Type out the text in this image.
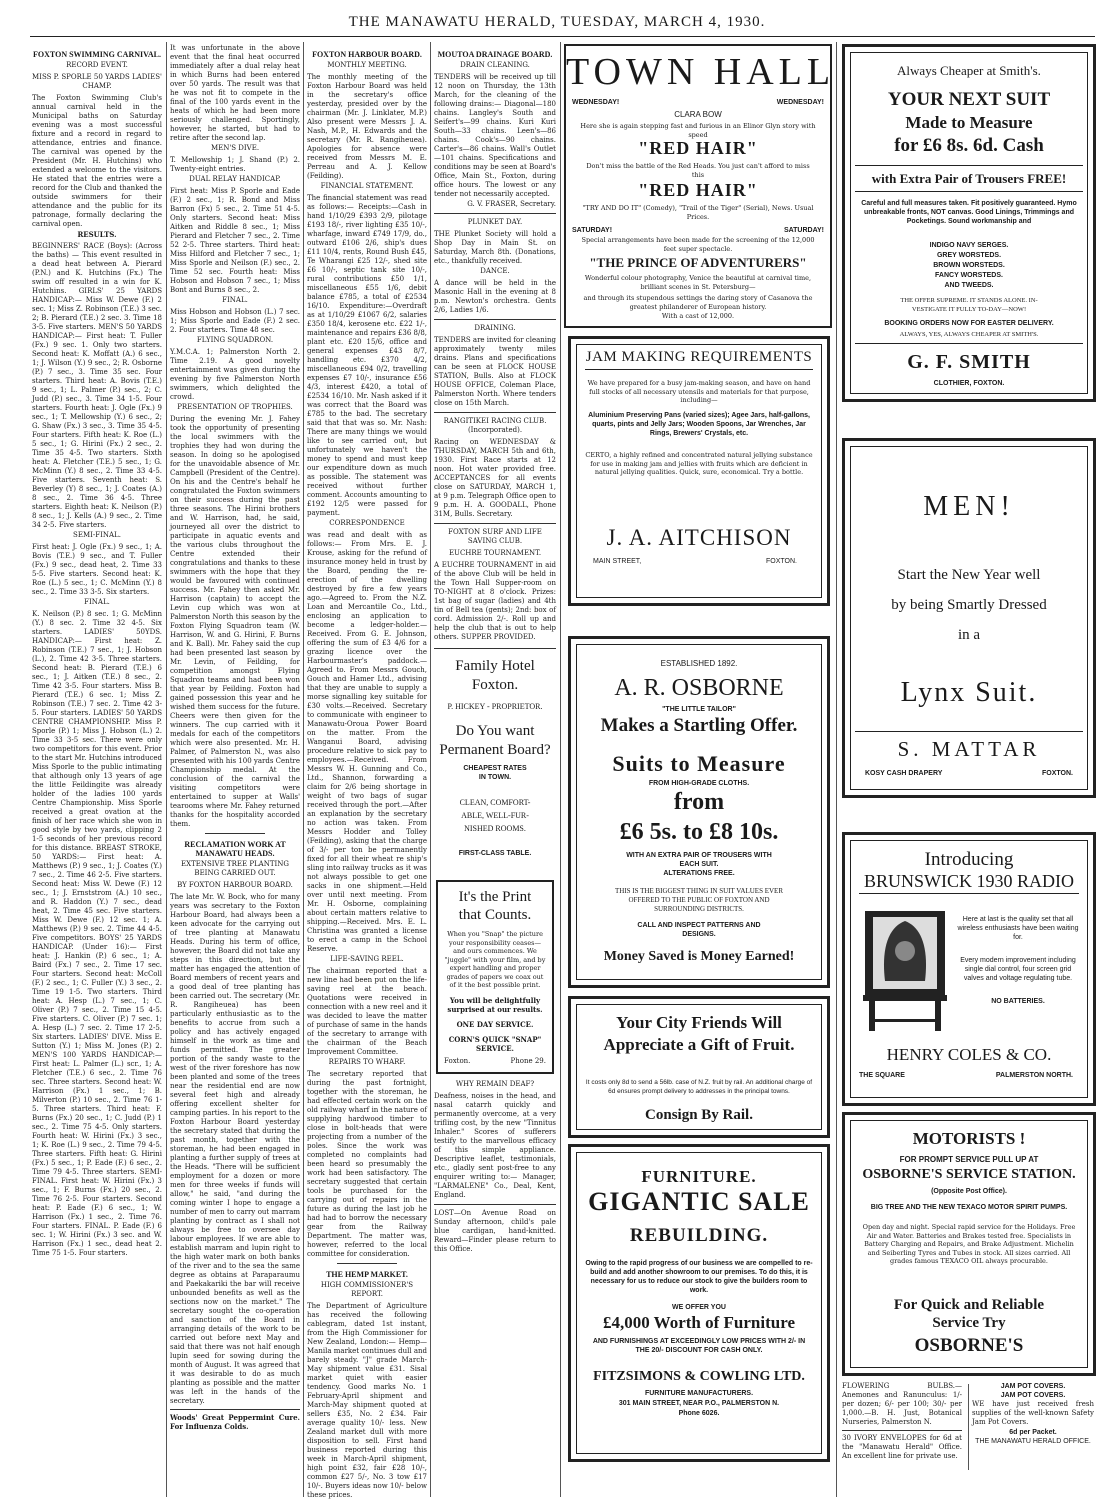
THE MANAWATU HERALD, TUESDAY, MARCH 4, 1930.
FOXTON SWIMMING CARNIVAL.
RECORD EVENT.
MISS P. SPORLE 50 YARDS LADIES' CHAMP.

The Foxton Swimming Club's annual carnival held in the Municipal baths on Saturday evening was a most successful fixture and a record in regard to attendance, entries and finance. The carnival was opened by the President (Mr. H. Hutchins) who extended a welcome to the visitors. He stated that the entries were a record for the Club and thanked the outside swimmers for their attendance and the public for its patronage, formally declaring the carnival open.

RESULTS.

BEGINNERS' RACE (Boys): (Across the baths) — This event resulted in a dead heat between A. Pierard (P.N.) and K. Hutchins (Fx.) The swim off resulted in a win for K. Hutchins. GIRLS' 25 YARDS HANDICAP:— Miss W. Dewe (F.) 2 sec. 1; Miss Z. Robinson (T.E.) 3 sec. 2; B. Pierard (T.E.) 2 sec. 3. Time 18 3-5. Five starters. MEN'S 50 YARDS HANDICAP:— First heat: T. Fuller (Fx.) 9 sec. 1. Only two starters. Second heat: K. Moffatt (A.) 6 sec., 1; J. Wilson (Y.) 9 sec., 2; R. Osborne (P.) 7 sec., 3. Time 35 sec. Four starters. Third heat: A. Bovis (T.E.) 9 sec., 1; L. Palmer (P.) sec., 2; C. Judd (P.) sec., 3. Time 34 1-5. Four starters. Fourth heat: J. Ogle (Fx.) 9 sec., 1; T. Mellowship (Y.) 6 sec., 2; G. Shaw (Fx.) 3 sec., 3. Time 35 4-5. Four starters. Fifth heat: K. Roe (L.) 5 sec., 1; G. Hirini (Fx.) 2 sec., 2. Time 35 4-5. Two starters. Sixth heat: A. Fletcher (T.E.) 5 sec., 1; G. McMinn (Y.) 8 sec., 2. Time 33 4-5. Five starters. Seventh heat: S. Beverley (Y) 8 sec., 1; J. Coates (A.) 8 sec., 2. Time 36 4-5. Three starters. Eighth heat: K. Neilson (P.) 8 sec., 1; J. Kells (A.) 9 sec., 2. Time 34 2-5. Five starters.

SEMI-FINAL.

First heat: J. Ogle (Fx.) 9 sec., 1; A. Bovis (T.E.) 9 sec., and T. Fuller (Fx.) 9 sec., dead heat, 2. Time 33 5-5. Five starters. Second heat: K. Roe (L.) 5 sec., 1; C. McMinn (Y.) 8 sec., 2. Time 33 3-5. Six starters.

FINAL.

K. Neilson (P.) 8 sec. 1; G. McMinn (Y.) 8 sec. 2. Time 32 4-5. Six starters. LADIES' 50YDS. HANDICAP:— First heat: Z. Robinson (T.E.) 7 sec., 1; J. Hobson (L.), 2. Time 42 3-5. Three starters. Second heat: B. Pierard (T.E.) 6 sec., 1; J. Aitken (T.E.) 8 sec., 2. Time 42 3-5. Four starters. Miss B. Pierard (T.E.) 6 sec. 1; Miss Z. Robinson (T.E.) 7 sec. 2. Time 42 3-5. Four starters. LADIES' 50 YARDS CENTRE CHAMPIONSHIP. Miss P. Sporle (P.) 1; Miss J. Hobson (L.) 2. Time 33 3-5 sec. There were only two competitors for this event. Prior to the start Mr. Hutchins introduced Miss Sporle to the public intimating that although only 13 years of age the little Feildingite was already holder of the ladies 100 yards Centre Championship. Miss Sporle received a great ovation at the finish of her race which she won in good style by two yards, clipping 2 1-5 seconds of her previous record for this distance. BREAST STROKE, 50 YARDS:— First heat: A. Matthews (P.) 9 sec., 1; J. Coates (Y.) 7 sec., 2. Time 46 2-5. Five starters. Second heat: Miss W. Dewe (F.) 12 sec., 1; J. Ernststrom (A.) 10 sec., and R. Haddon (Y.) 7 sec., dead heat, 2. Time 45 sec. Five starters. Miss W. Dewe (F.) 12 sec. 1; A. Matthews (P.) 9 sec. 2. Time 44 4-5. Five competitors. BOYS' 25 YARDS HANDICAP. (Under 16):— First heat: J. Hankin (P.) 6 sec., 1; A. Baird (Fx.) 7 sec., 2. Time 17 sec. Four starters. Second heat: McColl (F.) 2 sec., 1; C. Fuller (Y.) 3 sec., 2. Time 19 1-5. Two starters. Third heat: A. Hesp (L.) 7 sec., 1; C. Oliver (P.) 7 sec., 2. Time 15 4-5. Five starters. C. Oliver (P.) 7 sec. 1; A. Hesp (L.) 7 sec. 2. Time 17 2-5. Six starters. LADIES' DIVE. Miss E. Sutton (Y.) 1; Miss M. Jones (P.) 2. MEN'S 100 YARDS HANDICAP:— First heat: L. Palmer (L.) scr., 1; A. Fletcher (T.E.) 6 sec., 2. Time 76 sec. Three starters. Second heat: W. Harrison (Fx.) 1 sec., 1; B. Milverton (P.) 10 sec., 2. Time 76 1-5. Three starters. Third heat: F. Burns (Fx.) 20 sec., 1; C. Judd (P.) 1 sec., 2. Time 75 4-5. Only starters. Fourth heat: W. Hirini (Fx.) 3 sec., 1; K. Roe (L.) 9 sec., 2. Time 79 4-5. Three starters. Fifth heat: G. Hirini (Fx.) 5 sec., 1; P. Eade (F.) 6 sec., 2. Time 79 4-5. Three starters. SEMI-FINAL. First heat: W. Hirini (Fx.) 3 sec., 1; F. Burns (Fx.) 20 sec., 2. Time 76 2-5. Four starters. Second heat: P. Eade (F.) 6 sec., 1; W. Harrison (Fx.) 1 sec., 2. Time 76. Four starters. FINAL. P. Eade (F.) 6 sec. 1; W. Hirini (Fx.) 3 sec. and W. Harrison (Fx.) 1 sec., dead heat 2. Time 75 1-5. Four starters.

It was unfortunate in the above event that the final heat occurred immediately after a dual relay heat in which Burns had been entered over 50 yards. The result was that he was not fit to compete in the final of the 100 yards event in the heats of which he had been more seriously challenged. Sportingly, however, he started, but had to retire after the second lap.

MEN'S DIVE.

T. Mellowship 1; J. Shand (P.) 2. Twenty-eight entries.

DUAL RELAY HANDICAP.

First heat: Miss P. Sporle and Eade (F.) 2 sec., 1; R. Bond and Miss Barron (Fx) 5 sec., 2. Time 51 4-5. Only starters. Second heat: Miss Aitken and Riddle 8 sec., 1; Miss Pierard and Fletcher 7 sec., 2. Time 52 2-5. Three starters. Third heat: Miss Hilford and Fletcher 7 sec., 1; Miss Sporle and Neilson (F.) sec., 2. Time 52 sec. Fourth heat: Miss Hobson and Hobson 7 sec., 1; Miss Bont and Burns 8 sec., 2.

FINAL.

Miss Hobson and Hobson (L.) 7 sec. 1; Miss Sporle and Eade (F.) 2 sec. 2. Four starters. Time 48 sec.

FLYING SQUADRON.

Y.M.C.A. 1; Palmerston North 2. Time 2.19. A good novelty entertainment was given during the evening by five Palmerston North swimmers, which delighted the crowd.

PRESENTATION OF TROPHIES.

During the evening Mr. J. Fahey took the opportunity of presenting the local swimmers with the trophies they had won during the season. In doing so he apologised for the unavoidable absence of Mr. Campbell (President of the Centre). On his and the Centre's behalf he congratulated the Foxton swimmers on their success during the past three seasons. The Hirini brothers and W. Harrison, had, he said, journeyed all over the district to participate in aquatic events and the various clubs throughout the Centre extended their congratulations and thanks to these swimmers with the hope that they would be favoured with continued success. Mr. Fahey then asked Mr. Harrison (captain) to accept the Levin cup which was won at Palmerston North this season by the Foxton Flying Squadron team (W. Harrison, W. and G. Hirini, F. Burns and K. Ball). Mr. Fahey said the cup had been presented last season by Mr. Levin, of Feilding, for competition amongst Flying Squadron teams and had been won that year by Feilding. Foxton had gained possession this year and he wished them success for the future. Cheers were then given for the winners. The cup carried with it medals for each of the competitors which were also presented. Mr. H. Palmer, of Palmerston N., was also presented with his 100 yards Centre Championship medal. At the conclusion of the carnival the visiting competitors were entertained to supper at Walls' tearooms where Mr. Fahey returned thanks for the hospitality accorded them.

RECLAMATION WORK AT MANAWATU HEADS.
EXTENSIVE TREE PLANTING BEING CARRIED OUT.
BY FOXTON HARBOUR BOARD.

The late Mr. W. Bock, who for many years was secretary to the Foxton Harbour Board, had always been a keen advocate for the carrying out of tree planting at Manawatu Heads. During his term of office, however, the Board did not take any steps in this direction, but the matter has engaged the attention of Board members of recent years and a good deal of tree planting has been carried out. The secretary (Mr. R. Rangiheuea) has been particularly enthusiastic as to the benefits to accrue from such a policy and has actively engaged himself in the work as time and funds permitted. The greater portion of the sandy waste to the west of the river foreshore has now been planted and some of the trees near the residential end are now several feet high and already offering excellent shelter for camping parties. In his report to the Foxton Harbour Board yesterday the secretary stated that during the past month, together with the storeman, he had been engaged in planting a further supply of trees at the Heads. "There will be sufficient employment for a dozen or more men for three weeks if funds will allow," he said, "and during the coming winter I hope to engage a number of men to carry out marram planting by contract as I shall not always be free to oversee day labour employees. If we are able to establish marram and lupin right to the high water mark on both banks of the river and to the sea the same degree as obtains at Paraparaumu and Paekakariki the bar will receive unbounded benefits as well as the sections now on the market." The secretary sought the co-operation and sanction of the Board in arranging details of the work to be carried out before next May and said that there was not half enough lupin seed for sowing during the month of August. It was agreed that it was desirable to do as much planting as possible and the matter was left in the hands of the secretary.

Woods' Great Peppermint Cure. For Influenza Colds.

FOXTON HARBOUR BOARD.
MONTHLY MEETING.

The monthly meeting of the Foxton Harbour Board was held in the secretary's office yesterday, presided over by the chairman (Mr. J. Linklater, M.P.) Also present were Messrs J. A. Nash, M.P., H. Edwards and the secretary (Mr. R. Rangiheuea). Apologies for absence were received from Messrs M. E. Perreau and A. J. Kellow (Feilding).

FINANCIAL STATEMENT.

The financial statement was read as follows:— Receipts:—Cash in hand 1/10/29 £393 2/9, pilotage £193 18/-, river lighting £35 10/-, wharfage, inward £749 17/9, do., outward £106 2/6, ship's dues £11 10/4, rents, Round Bush £45, Te Wharangi £25 12/-, shed site £6 10/-, septic tank site 10/-, rural contributions £50 1/1, miscellaneous £55 1/6, debit balance £785, a total of £2534 16/10. Expenditure:—Overdraft as at 1/10/29 £1067 6/2, salaries £350 18/4, kerosene etc. £22 1/-, maintenance and repairs £36 8/8, plant etc. £20 15/6, office and general expenses £43 8/7, handling etc. £370 4/2, miscellaneous £94 0/2, travelling expenses £7 10/-, insurance £56 4/3, interest £420, a total of £2534 16/10. Mr. Nash asked if it was correct that the Board was £785 to the bad. The secretary said that that was so. Mr. Nash: There are many things we would like to see carried out, but unfortunately we haven't the money to spend and must keep our expenditure down as much as possible. The statement was received without further comment. Accounts amounting to £192 12/5 were passed for payment.

CORRESPONDENCE

was read and dealt with as follows:— From Mrs. E. J. Krouse, asking for the refund of insurance money held in trust by the Board, pending the re-erection of the dwelling destroyed by fire a few years ago.—Agreed to. From the N.Z. Loan and Mercantile Co., Ltd., enclosing an application to become a ledger-holder.—Received. From G. E. Johnson, offering the sum of £3 4/6 for a grazing licence over the Harbourmaster's paddock.—Agreed to. From Messrs Gouch, Gouch and Hamer Ltd., advising that they are unable to supply a morse signalling key suitable for £30 volts.—Received. Secretary to communicate with engineer to Manawatu-Oroua Power Board on the matter. From the Wanganui Board, advising procedure relative to sick pay to employees.—Received. From Messrs W. H. Gunning and Co., Ltd., Shannon, forwarding a claim for 2/6 being shortage in weight of two bags of sugar received through the port.—After an explanation by the secretary no action was taken. From Messrs Hodder and Tolley (Feilding), asking that the charge of 3/- per ton be permanently fixed for all their wheat re ship's sling into railway trucks as it was not always possible to get one sacks in one shipment.—Held over until next meeting. From Mr. H. Osborne, complaining about certain matters relative to shipping.—Received. Mrs. E. L. Christina was granted a license to erect a camp in the School Reserve.

LIFE-SAVING REEL.

The chairman reported that a new line had been put on the life-saving reel at the beach. Quotations were received in connection with a new reel and it was decided to leave the matter of purchase of same in the hands of the secretary to arrange with the chairman of the Beach Improvement Committee.

REPAIRS TO WHARF.

The secretary reported that during the past fortnight, together with the storeman, he had effected certain work on the old railway wharf in the nature of supplying hardwood timber to close in bolt-heads that were projecting from a number of the poles. Since the work was completed no complaints had been heard so presumably the work had been satisfactory. The secretary suggested that certain tools be purchased for the carrying out of repairs in the future as during the last job he had had to borrow the necessary gear from the Railway Department. The matter was, however, referred to the local committee for consideration.

THE HEMP MARKET.
HIGH COMMISSIONER'S REPORT.

The Department of Agriculture has received the following cablegram, dated 1st instant, from the High Commissioner for New Zealand, London:— Hemp—Manila market continues dull and barely steady. "J" grade March-May shipment value £31. Sisal market quiet with easier tendency. Good marks No. 1 February-April shipment and March-May shipment quoted at sellers £35, No. 2 £34. Fair average quality 10/- less. New Zealand market dull with more disposition to sell. First hand business reported during this week in March-April shipment, high point £32, fair £28 10/-, common £27 5/-, No. 3 tow £17 10/-. Buyers ideas now 10/- below these prices.

MOUTOA DRAINAGE BOARD.
DRAIN CLEANING.

TENDERS will be received up till 12 noon on Thursday, the 13th March, for the cleaning of the following drains:— Diagonal—180 chains. Langley's South and Seifert's—99 chains. Kuri Kuri South—33 chains. Leen's—86 chains. Cook's—90 chains. Carter's—86 chains. Wall's Outlet—101 chains. Specifications and conditions may be seen at Board's Office, Main St., Foxton, during office hours. The lowest or any tender not necessarily accepted.

G. V. FRASER, Secretary.

PLUNKET DAY.

THE Plunket Society will hold a Shop Day in Main St. on Saturday, March 8th. (Donations, etc., thankfully received.

DANCE.

A dance will be held in the Masonic Hall in the evening at 8 p.m. Newton's orchestra. Gents 2/6, Ladies 1/6.

DRAINING.

TENDERS are invited for cleaning approximately twenty miles drains. Plans and specifications can be seen at FLOCK HOUSE STATION, Bulls. Also at FLOCK HOUSE OFFICE, Coleman Place, Palmerston North. Where tenders close on 15th March.

RANGITIKEI RACING CLUB. (Incorporated).

Racing on WEDNESDAY & THURSDAY, MARCH 5th and 6th, 1930. First Race starts at 12 noon. Hot water provided free. ACCEPTANCES for all events close on SATURDAY, MARCH 1, at 9 p.m. Telegraph Office open to 9 p.m. H. A. GOODALL, Phone 31M, Bulls. Secretary.

FOXTON SURF AND LIFE SAVING CLUB.
EUCHRE TOURNAMENT.

A EUCHRE TOURNAMENT in aid of the above Club will be held in the Town Hall Supper-room on TO-NIGHT at 8 o'clock. Prizes: 1st bag of sugar (ladies) and 4th tin of Bell tea (gents); 2nd: box of cord. Admission 2/-. Roll up and help the club that is out to help others. SUPPER PROVIDED.

Family Hotel
Foxton.
P. HICKEY - PROPRIETOR.
Do You want
Permanent Board?
CHEAPEST RATES
IN TOWN.
CLEAN, COMFORT-
ABLE, WELL-FUR-
NISHED ROOMS.
FIRST-CLASS TABLE.
It's the Print
that Counts.

When you "Snap" the picture your responsibility ceases—and ours commences. We "juggle" with your film, and by expert handling and proper grades of papers we coax out of it the best possible print.

You will be delightfully surprised at our results.

ONE DAY SERVICE.

CORN'S QUICK "SNAP" SERVICE.

Foxton.	Phone 29.
WHY REMAIN DEAF?

Deafness, noises in the head, and nasal catarrh quickly and permanently overcome, at a very trifling cost, by the new "Tinnitus Inhaler." Scores of sufferers testify to the marvellous efficacy of this simple appliance. Descriptive leaflet, testimonials, etc., gladly sent post-free to any enquirer writing to:— Manager, "LARMALENE" Co., Deal, Kent, England.

LOST—On Avenue Road on Sunday afternoon, child's pale blue cardigan, hand-knitted. Reward—Finder please return to this Office.

TOWN HALL
WEDNESDAY!	WEDNESDAY!
CLARA BOW
Here she is again stepping fast and furious in an Elinor Glyn story with speed
"RED HAIR"
Don't miss the battle of the Red Heads. You just can't afford to miss this
"RED HAIR"
"TRY AND DO IT" (Comedy), "Trail of the Tiger" (Serial), News. Usual Prices.
SATURDAY!	SATURDAY!
Special arrangements have been made for the screening of the 12,000 feet super spectacle.
"THE PRINCE OF ADVENTURERS"
Wonderful colour photography, Venice the beautiful at carnival time, brilliant scenes in St. Petersburg—
and through its stupendous settings the daring story of Casanova the greatest philanderer of European history.
With a cast of 12,000.
JAM MAKING REQUIREMENTS
We have prepared for a busy jam-making season, and have on hand full stocks of all necessary utensils and materials for that purpose, including—
Aluminium Preserving Pans (varied sizes); Agee Jars, half-gallons, quarts, pints and Jelly Jars; Wooden Spoons, Jar Wrenches, Jar Rings, Brewers' Crystals, etc.
CERTO, a highly refined and concentrated natural jellying substance for use in making jam and jellies with fruits which are deficient in natural jellying qualities. Quick, sure, economical. Try a bottle.
J. A. AITCHISON
MAIN STREET,	FOXTON.
ESTABLISHED 1892.
A. R. OSBORNE
"THE LITTLE TAILOR"
Makes a Startling Offer.
Suits to Measure
FROM HIGH-GRADE CLOTHS.
from
£6 5s. to £8 10s.
WITH AN EXTRA PAIR OF TROUSERS WITH
EACH SUIT.
ALTERATIONS FREE.
THIS IS THE BIGGEST THING IN SUIT VALUES EVER
OFFERED TO THE PUBLIC OF FOXTON AND
SURROUNDING DISTRICTS.
CALL AND INSPECT PATTERNS AND
DESIGNS.
Money Saved is Money Earned!
Your City Friends Will
Appreciate a Gift of Fruit.
It costs only 8d to send a 56lb. case of N.Z. fruit by rail. An additional charge of 6d ensures prompt delivery to addresses in the principal towns.
Consign By Rail.
FURNITURE.
GIGANTIC SALE
REBUILDING.
Owing to the rapid progress of our business we are compelled to re-build and add another showroom to our premises. To do this, it is necessary for us to reduce our stock to give the builders room to work.
WE OFFER YOU
£4,000 Worth of Furniture
AND FURNISHINGS AT EXCEEDINGLY LOW PRICES WITH 2/- IN THE 20/- DISCOUNT FOR CASH ONLY.
FITZSIMONS & COWLING LTD.
FURNITURE MANUFACTURERS.
301 MAIN STREET, NEAR P.O., PALMERSTON N.
Phone 6026.
Always Cheaper at Smith's.
YOUR NEXT SUIT
Made to Measure
for £6 8s. 6d. Cash
with Extra Pair of Trousers FREE!
Careful and full measures taken. Fit positively guaranteed. Hymo unbreakable fronts, NOT canvas. Good Linings, Trimmings and Pocketings. Sound workmanship and
INDIGO NAVY SERGES.
GREY WORSTEDS.
BROWN WORSTEDS.
FANCY WORSTEDS.
AND TWEEDS.
THE OFFER SUPREME. IT STANDS ALONE. IN-
VESTIGATE IT FULLY TO-DAY—NOW!
BOOKING ORDERS NOW FOR EASTER DELIVERY.
ALWAYS, YES, ALWAYS CHEAPER AT SMITH'S.
G. F. SMITH
CLOTHIER, FOXTON.
MEN!
Start the New Year well
by being Smartly Dressed
in a
Lynx Suit.
S. MATTAR
KOSY CASH DRAPERY	FOXTON.
Introducing
BRUNSWICK 1930 RADIO
Here at last is the quality set that all wireless enthusiasts have been waiting for.
Every modern improvement including single dial control, four screen grid valves and voltage regulating tube.
NO BATTERIES.
HENRY COLES & CO.
THE SQUARE	PALMERSTON NORTH.
MOTORISTS !
FOR PROMPT SERVICE PULL UP AT
OSBORNE'S SERVICE STATION.
(Opposite Post Office).
BIG TREE AND THE NEW TEXACO MOTOR SPIRIT PUMPS.
Open day and night. Special rapid service for the Holidays. Free Air and Water. Batteries and Brakes tested free. Specialists in Battery Charging and Repairs, and Brake Adjustment. Michelin and Seiberling Tyres and Tubes in stock. All sizes carried. All grades famous TEXACO OIL always procurable.
For Quick and Reliable
Service Try
OSBORNE'S

FLOWERING BULBS.—Anemones and Ranunculus: 1/- per dozen; 6/- per 100; 30/- per 1,000.—B. H. Just, Botanical Nurseries, Palmerston N.

30 IVORY ENVELOPES for 6d at the "Manawatu Herald" Office. An excellent line for private use.

JAM POT COVERS.
JAM POT COVERS.

WE have just received fresh supplies of the well-known Safety Jam Pot Covers.

6d per Packet.
THE MANAWATU HERALD OFFICE.
